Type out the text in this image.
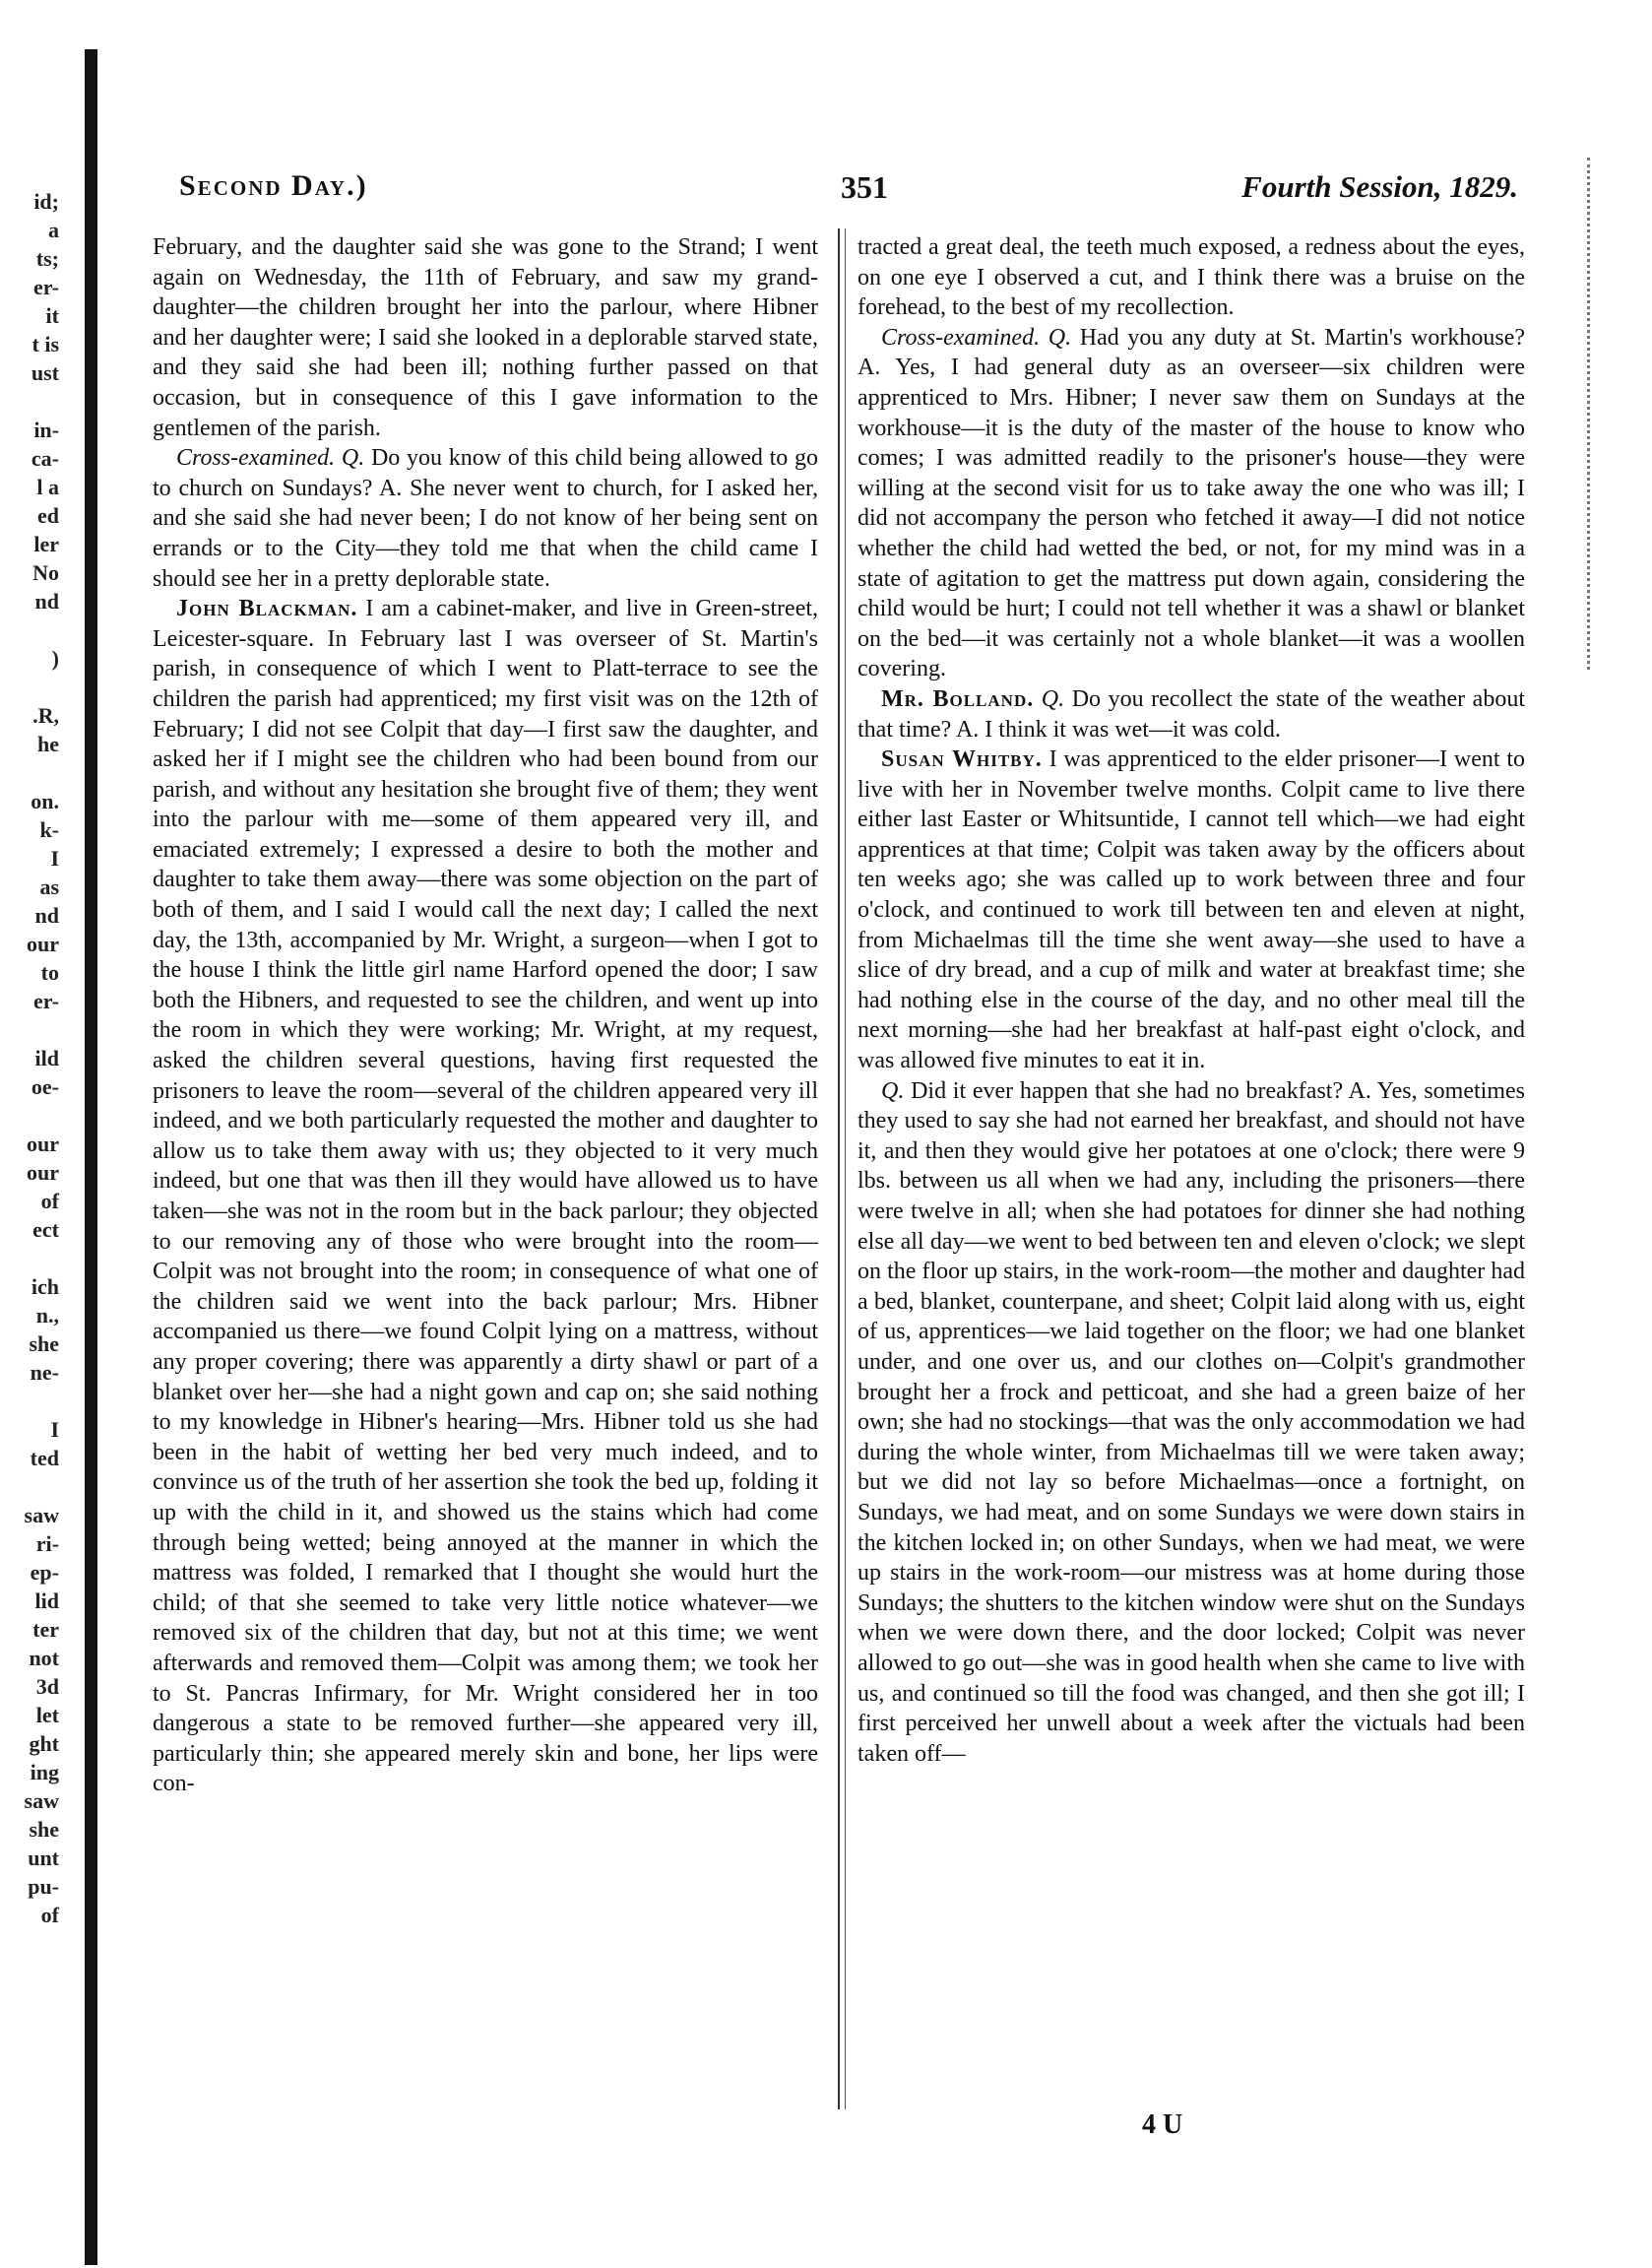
id;
a
ts;
er-
it
t is
ust
in-
ca-
l a
ed
ler
No
nd
)
.R,
he
on.
k-
I
as
nd
our
to
er-
ild
oe-
our
our
of
ect
ich
n.,
she
ne-
I
ted
saw
ri-
ep-
lid
ter
not
3d
let
ght
ing
saw
she
unt
pu-
of
Second Day.)	351	Fourth Session, 1829.

February, and the daughter said she was gone to the Strand; I went again on Wednesday, the 11th of February, and saw my grand-daughter—the children brought her into the parlour, where Hibner and her daughter were; I said she looked in a deplorable starved state, and they said she had been ill; nothing further passed on that occasion, but in consequence of this I gave information to the gentlemen of the parish.

Cross-examined. Q. Do you know of this child being allowed to go to church on Sundays? A. She never went to church, for I asked her, and she said she had never been; I do not know of her being sent on errands or to the City—they told me that when the child came I should see her in a pretty deplorable state.

John Blackman. I am a cabinet-maker, and live in Green-street, Leicester-square. In February last I was overseer of St. Martin's parish, in consequence of which I went to Platt-terrace to see the children the parish had apprenticed; my first visit was on the 12th of February; I did not see Colpit that day—I first saw the daughter, and asked her if I might see the children who had been bound from our parish, and without any hesitation she brought five of them; they went into the parlour with me—some of them appeared very ill, and emaciated extremely; I expressed a desire to both the mother and daughter to take them away—there was some objection on the part of both of them, and I said I would call the next day; I called the next day, the 13th, accompanied by Mr. Wright, a surgeon—when I got to the house I think the little girl name Harford opened the door; I saw both the Hibners, and requested to see the children, and went up into the room in which they were working; Mr. Wright, at my request, asked the children several questions, having first requested the prisoners to leave the room—several of the children appeared very ill indeed, and we both particularly requested the mother and daughter to allow us to take them away with us; they objected to it very much indeed, but one that was then ill they would have allowed us to have taken—she was not in the room but in the back parlour; they objected to our removing any of those who were brought into the room—Colpit was not brought into the room; in consequence of what one of the children said we went into the back parlour; Mrs. Hibner accompanied us there—we found Colpit lying on a mattress, without any proper covering; there was apparently a dirty shawl or part of a blanket over her—she had a night gown and cap on; she said nothing to my knowledge in Hibner's hearing—Mrs. Hibner told us she had been in the habit of wetting her bed very much indeed, and to convince us of the truth of her assertion she took the bed up, folding it up with the child in it, and showed us the stains which had come through being wetted; being annoyed at the manner in which the mattress was folded, I remarked that I thought she would hurt the child; of that she seemed to take very little notice whatever—we removed six of the children that day, but not at this time; we went afterwards and removed them—Colpit was among them; we took her to St. Pancras Infirmary, for Mr. Wright considered her in too dangerous a state to be removed further—she appeared very ill, particularly thin; she appeared merely skin and bone, her lips were con-

tracted a great deal, the teeth much exposed, a redness about the eyes, on one eye I observed a cut, and I think there was a bruise on the forehead, to the best of my recollection.

Cross-examined. Q. Had you any duty at St. Martin's workhouse? A. Yes, I had general duty as an overseer—six children were apprenticed to Mrs. Hibner; I never saw them on Sundays at the workhouse—it is the duty of the master of the house to know who comes; I was admitted readily to the prisoner's house—they were willing at the second visit for us to take away the one who was ill; I did not accompany the person who fetched it away—I did not notice whether the child had wetted the bed, or not, for my mind was in a state of agitation to get the mattress put down again, considering the child would be hurt; I could not tell whether it was a shawl or blanket on the bed—it was certainly not a whole blanket—it was a woollen covering.

Mr. Bolland. Q. Do you recollect the state of the weather about that time? A. I think it was wet—it was cold.

Susan Whitby. I was apprenticed to the elder prisoner—I went to live with her in November twelve months. Colpit came to live there either last Easter or Whitsuntide, I cannot tell which—we had eight apprentices at that time; Colpit was taken away by the officers about ten weeks ago; she was called up to work between three and four o'clock, and continued to work till between ten and eleven at night, from Michaelmas till the time she went away—she used to have a slice of dry bread, and a cup of milk and water at breakfast time; she had nothing else in the course of the day, and no other meal till the next morning—she had her breakfast at half-past eight o'clock, and was allowed five minutes to eat it in.

Q. Did it ever happen that she had no breakfast? A. Yes, sometimes they used to say she had not earned her breakfast, and should not have it, and then they would give her potatoes at one o'clock; there were 9 lbs. between us all when we had any, including the prisoners—there were twelve in all; when she had potatoes for dinner she had nothing else all day—we went to bed between ten and eleven o'clock; we slept on the floor up stairs, in the work-room—the mother and daughter had a bed, blanket, counterpane, and sheet; Colpit laid along with us, eight of us, apprentices—we laid together on the floor; we had one blanket under, and one over us, and our clothes on—Colpit's grandmother brought her a frock and petticoat, and she had a green baize of her own; she had no stockings—that was the only accommodation we had during the whole winter, from Michaelmas till we were taken away; but we did not lay so before Michaelmas—once a fortnight, on Sundays, we had meat, and on some Sundays we were down stairs in the kitchen locked in; on other Sundays, when we had meat, we were up stairs in the work-room—our mistress was at home during those Sundays; the shutters to the kitchen window were shut on the Sundays when we were down there, and the door locked; Colpit was never allowed to go out—she was in good health when she came to live with us, and continued so till the food was changed, and then she got ill; I first perceived her unwell about a week after the victuals had been taken off—

4 U
